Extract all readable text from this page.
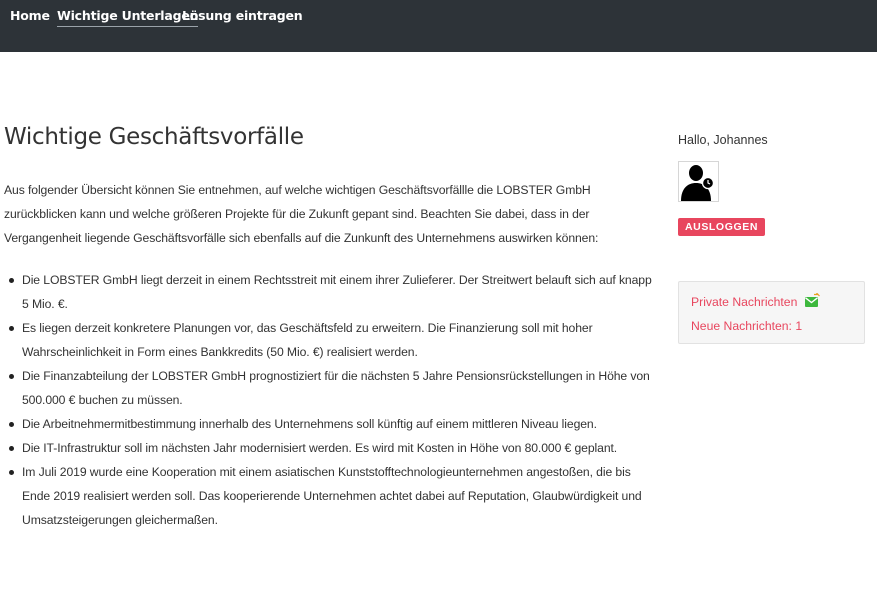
Home Wichtige Unterlagen
Lösung eintragen
Wichtige Geschäftsvorfälle

Aus folgender Übersicht können Sie entnehmen, auf welche wichtigen Geschäftsvorfällle die LOBSTER GmbH zurückblicken kann und welche größeren Projekte für die Zukunft gepant sind. Beachten Sie dabei, dass in der Vergangenheit liegende Geschäftsvorfälle sich ebenfalls auf die Zunkunft des Unternehmens auswirken können:

Die LOBSTER GmbH liegt derzeit in einem Rechtsstreit mit einem ihrer Zulieferer. Der Streitwert belauft sich auf knapp 5 Mio. €.
Es liegen derzeit konkretere Planungen vor, das Geschäftsfeld zu erweitern. Die Finanzierung soll mit hoher Wahrscheinlichkeit in Form eines Bankkredits (50 Mio. €) realisiert werden.
Die Finanzabteilung der LOBSTER GmbH prognostiziert für die nächsten 5 Jahre Pensionsrückstellungen in Höhe von 500.000 € buchen zu müssen.
Die Arbeitnehmermitbestimmung innerhalb des Unternehmens soll künftig auf einem mittleren Niveau liegen.
Die IT-Infrastruktur soll im nächsten Jahr modernisiert werden. Es wird mit Kosten in Höhe von 80.000 € geplant.
Im Juli 2019 wurde eine Kooperation mit einem asiatischen Kunststofftechnologieunternehmen angestoßen, die bis Ende 2019 realisiert werden soll. Das kooperierende Unternehmen achtet dabei auf Reputation, Glaubwürdigkeit und Umsatzsteigerungen gleichermaßen.
Hallo, Johannes
AUSLOGGEN
Private Nachrichten
Neue Nachrichten: 1
